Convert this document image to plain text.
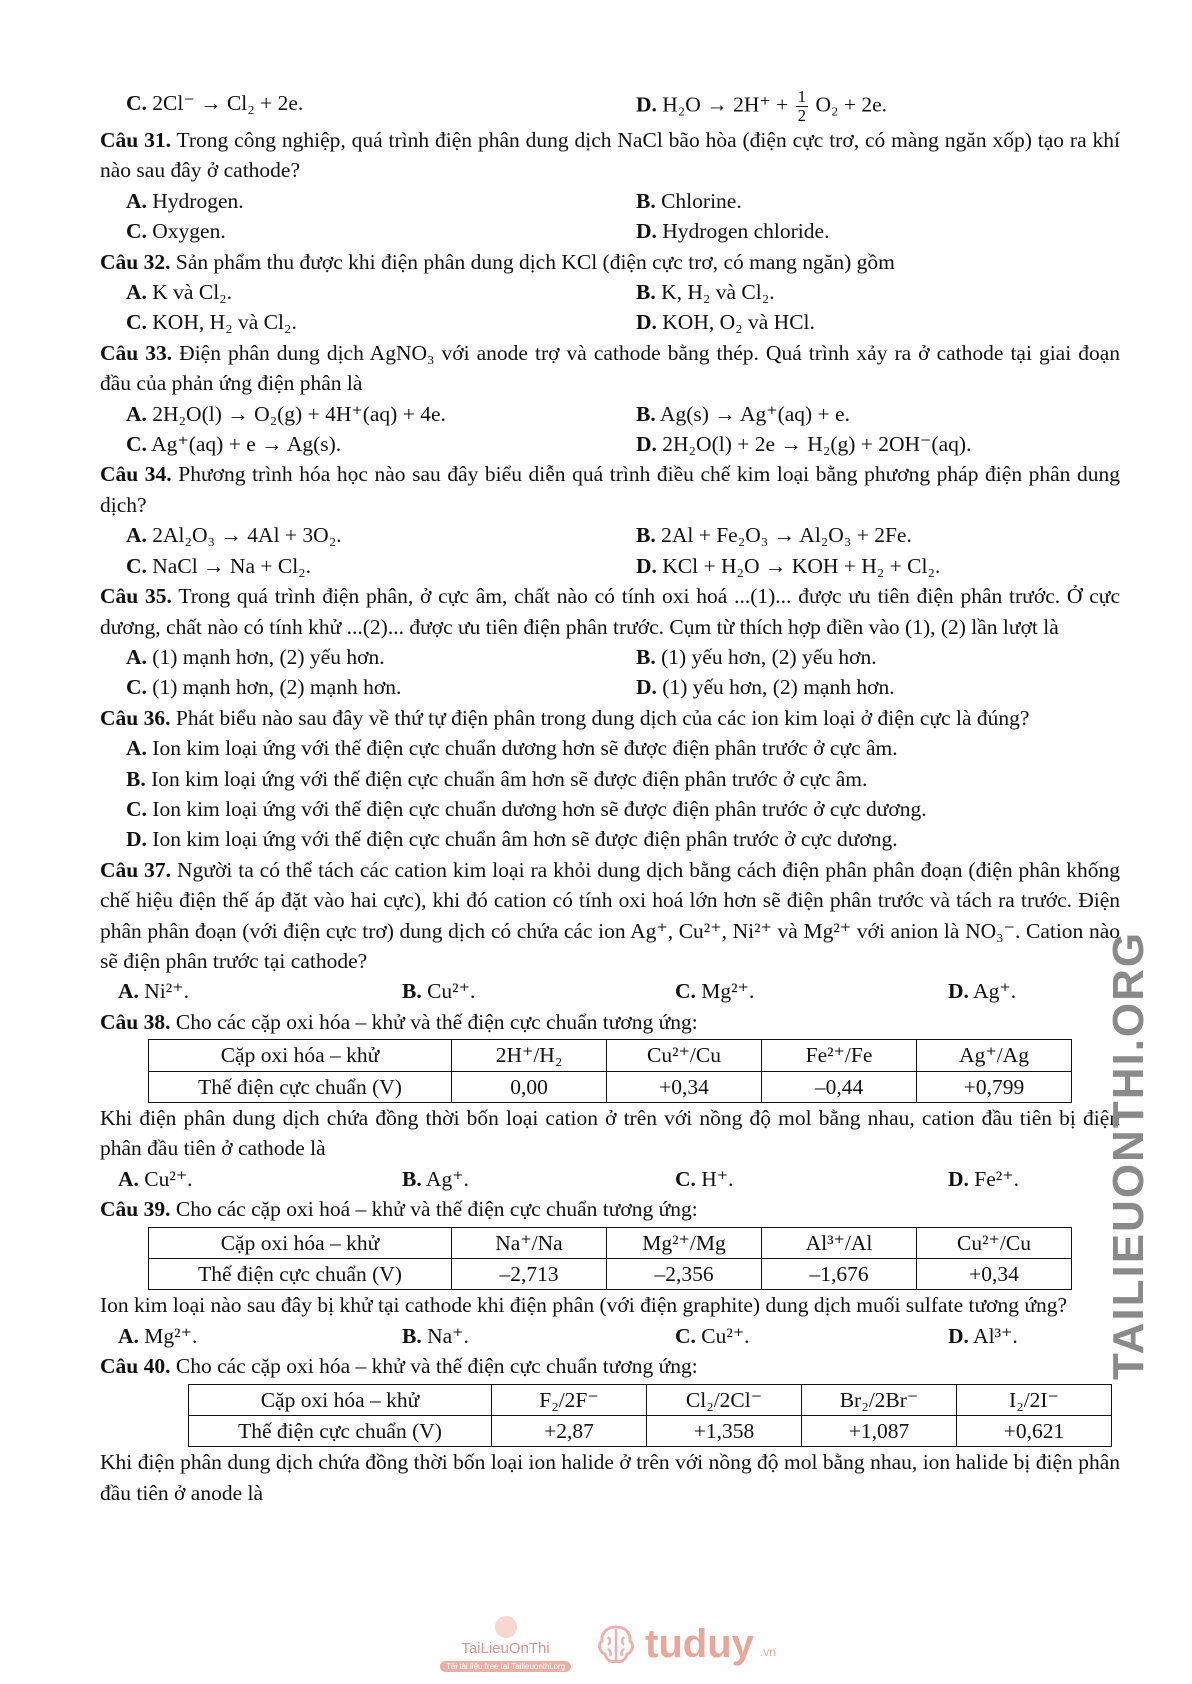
C. 2Cl⁻ → Cl₂ + 2e.	D. $H_2O \to 2H^+ + \frac{1}{2} O_2 + 2e$.
Câu 31. Trong công nghiệp, quá trình điện phân dung dịch NaCl bão hòa (điện cực trơ, có màng ngăn xốp) tạo ra khí nào sau đây ở cathode?
A. Hydrogen.	B. Chlorine.
C. Oxygen.	D. Hydrogen chloride.
Câu 32. Sản phẩm thu được khi điện phân dung dịch KCl (điện cực trơ, có mang ngăn) gồm
A. K và Cl₂.	B. K, H₂ và Cl₂.
C. KOH, H₂ và Cl₂.	D. KOH, O₂ và HCl.
Câu 33. Điện phân dung dịch AgNO₃ với anode trợ và cathode bằng thép. Quá trình xảy ra ở cathode tại giai đoạn đầu của phản ứng điện phân là
A. 2H₂O(l) → O₂(g) + 4H⁺(aq) + 4e.	B. Ag(s) → Ag⁺(aq) + e.
C. Ag⁺(aq) + e → Ag(s).	D. 2H₂O(l) + 2e → H₂(g) + 2OH⁻(aq).
Câu 34. Phương trình hóa học nào sau đây biểu diễn quá trình điều chế kim loại bằng phương pháp điện phân dung dịch?
A. 2Al₂O₃ → 4Al + 3O₂.	B. 2Al + Fe₂O₃ → Al₂O₃ + 2Fe.
C. NaCl → Na + Cl₂.	D. KCl + H₂O → KOH + H₂ + Cl₂.
Câu 35. Trong quá trình điện phân, ở cực âm, chất nào có tính oxi hoá ...(1)... được ưu tiên điện phân trước. Ở cực dương, chất nào có tính khử ...(2)... được ưu tiên điện phân trước. Cụm từ thích hợp điền vào (1), (2) lần lượt là
A. (1) mạnh hơn, (2) yếu hơn.	B. (1) yếu hơn, (2) yếu hơn.
C. (1) mạnh hơn, (2) mạnh hơn.	D. (1) yếu hơn, (2) mạnh hơn.
Câu 36. Phát biểu nào sau đây về thứ tự điện phân trong dung dịch của các ion kim loại ở điện cực là đúng?
A. Ion kim loại ứng với thế điện cực chuẩn dương hơn sẽ được điện phân trước ở cực âm.
B. Ion kim loại ứng với thế điện cực chuẩn âm hơn sẽ được điện phân trước ở cực âm.
C. Ion kim loại ứng với thế điện cực chuẩn dương hơn sẽ được điện phân trước ở cực dương.
D. Ion kim loại ứng với thế điện cực chuẩn âm hơn sẽ được điện phân trước ở cực dương.
Câu 37. Người ta có thể tách các cation kim loại ra khỏi dung dịch bằng cách điện phân phân đoạn (điện phân khống chế hiệu điện thế áp đặt vào hai cực), khi đó cation có tính oxi hoá lớn hơn sẽ điện phân trước và tách ra trước. Điện phân phân đoạn (với điện cực trơ) dung dịch có chứa các ion Ag⁺, Cu²⁺, Ni²⁺ và Mg²⁺ với anion là NO₃⁻. Cation nào sẽ điện phân trước tại cathode?
A. Ni²⁺.	B. Cu²⁺.	C. Mg²⁺.	D. Ag⁺.
Câu 38. Cho các cặp oxi hóa – khử và thế điện cực chuẩn tương ứng:
Cặp oxi hóa – khử	2H⁺/H₂	Cu²⁺/Cu	Fe²⁺/Fe	Ag⁺/Ag
Thế điện cực chuẩn (V)	0,00	+0,34	–0,44	+0,799
Khi điện phân dung dịch chứa đồng thời bốn loại cation ở trên với nồng độ mol bằng nhau, cation đầu tiên bị điện phân đầu tiên ở cathode là
A. Cu²⁺.	B. Ag⁺.	C. H⁺.	D. Fe²⁺.
Câu 39. Cho các cặp oxi hoá – khử và thế điện cực chuẩn tương ứng:
Cặp oxi hóa – khử	Na⁺/Na	Mg²⁺/Mg	Al³⁺/Al	Cu²⁺/Cu
Thế điện cực chuẩn (V)	–2,713	–2,356	–1,676	+0,34
Ion kim loại nào sau đây bị khử tại cathode khi điện phân (với điện graphite) dung dịch muối sulfate tương ứng?
A. Mg²⁺.	B. Na⁺.	C. Cu²⁺.	D. Al³⁺.
Câu 40. Cho các cặp oxi hóa – khử và thế điện cực chuẩn tương ứng:
Cặp oxi hóa – khử	F₂/2F⁻	Cl₂/2Cl⁻	Br₂/2Br⁻	I₂/2I⁻
Thế điện cực chuẩn (V)	+2,87	+1,358	+1,087	+0,621
Khi điện phân dung dịch chứa đồng thời bốn loại ion halide ở trên với nồng độ mol bằng nhau, ion halide bị điện phân đầu tiên ở anode là
TAILIEUONTHI.ORG
TaiLieuOnThi
Tải tài liệu free tại Tailieuonthi.org
tuduy .vn
